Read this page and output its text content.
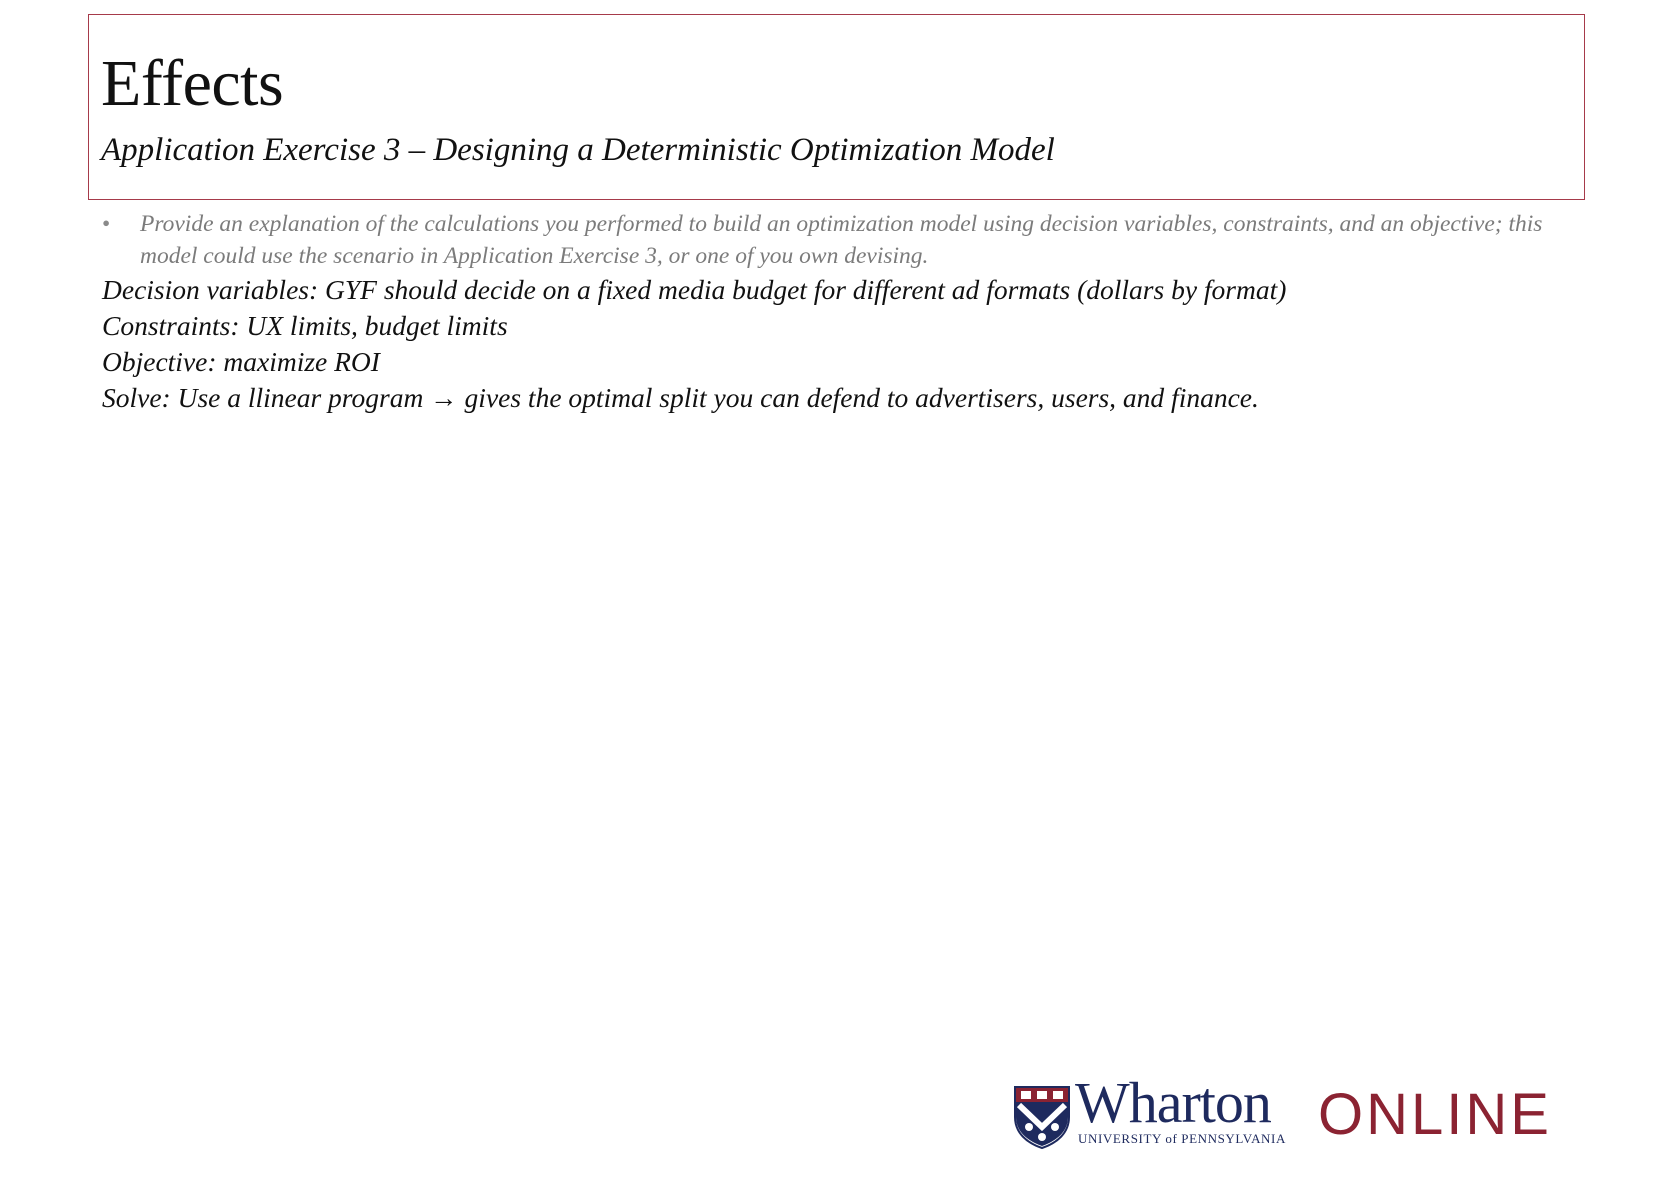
Effects

Application Exercise 3 – Designing a Deterministic Optimization Model

• Provide an explanation of the calculations you performed to build an optimization model using decision variables, constraints, and an objective; this model could use the scenario in Application Exercise 3, or one of you own devising.
Decision variables: GYF should decide on a fixed media budget for different ad formats (dollars by format)
Constraints: UX limits, budget limits
Objective: maximize ROI
Solve: Use a llinear program → gives the optimal split you can defend to advertisers, users, and finance.
Wharton
UNIVERSITY of PENNSYLVANIA ONLINE
